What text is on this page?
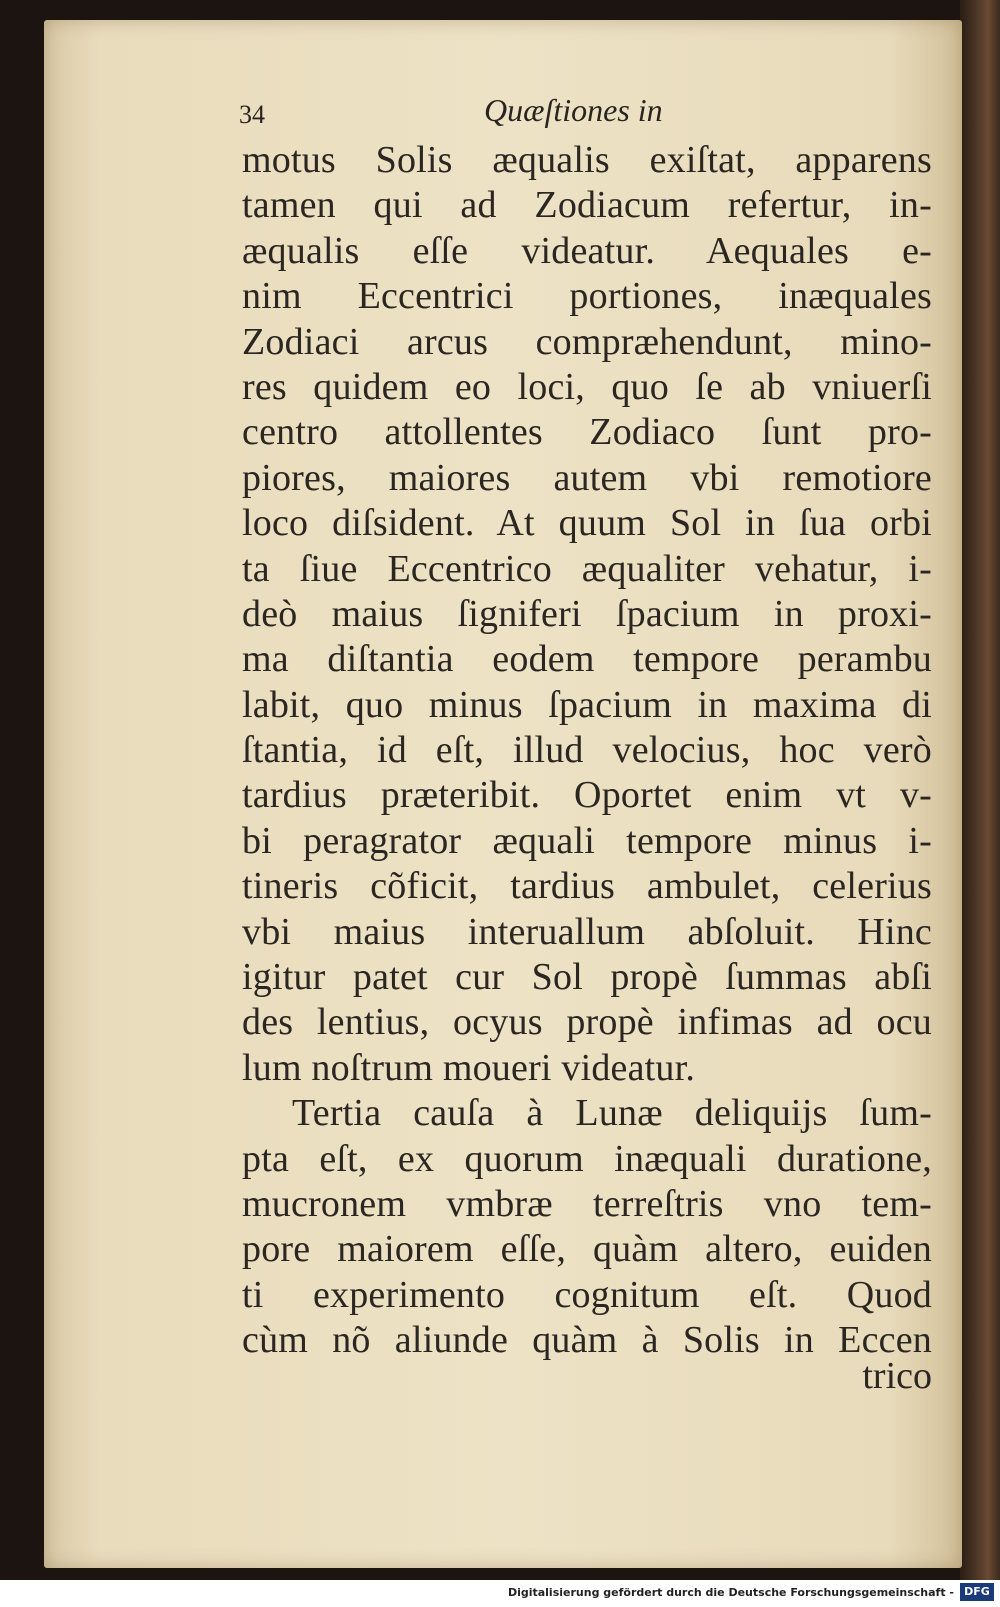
34	Quæſtiones in
motus Solis æqualis exiſtat, apparens
tamen qui ad Zodiacum refertur, in-
æqualis eſſe videatur. Aequales e-
nim Eccentrici portiones, inæquales
Zodiaci arcus compræhendunt, mino-
res quidem eo loci, quo ſe ab vniuerſi
centro attollentes Zodiaco ſunt pro-
piores, maiores autem vbi remotiore
loco diſsident. At quum Sol in ſua orbi
ta ſiue Eccentrico æqualiter vehatur, i-
deò maius ſigniferi ſpacium in proxi-
ma diſtantia eodem tempore perambu
labit, quo minus ſpacium in maxima di
ſtantia, id eſt, illud velocius, hoc verò
tardius præteribit. Oportet enim vt v-
bi peragrator æquali tempore minus i-
tineris cõficit, tardius ambulet, celerius
vbi maius interuallum abſoluit. Hinc
igitur patet cur Sol propè ſummas abſi
des lentius, ocyus propè infimas ad ocu
lum noſtrum moueri videatur.
Tertia cauſa à Lunæ deliquijs ſum-
pta eſt, ex quorum inæquali duratione,
mucronem vmbræ terreſtris vno tem-
pore maiorem eſſe, quàm altero, euiden
ti experimento cognitum eſt. Quod
cùm nõ aliunde quàm à Solis in Eccen
trico
Digitalisierung gefördert durch die Deutsche Forschungsgemeinschaft - DFG
